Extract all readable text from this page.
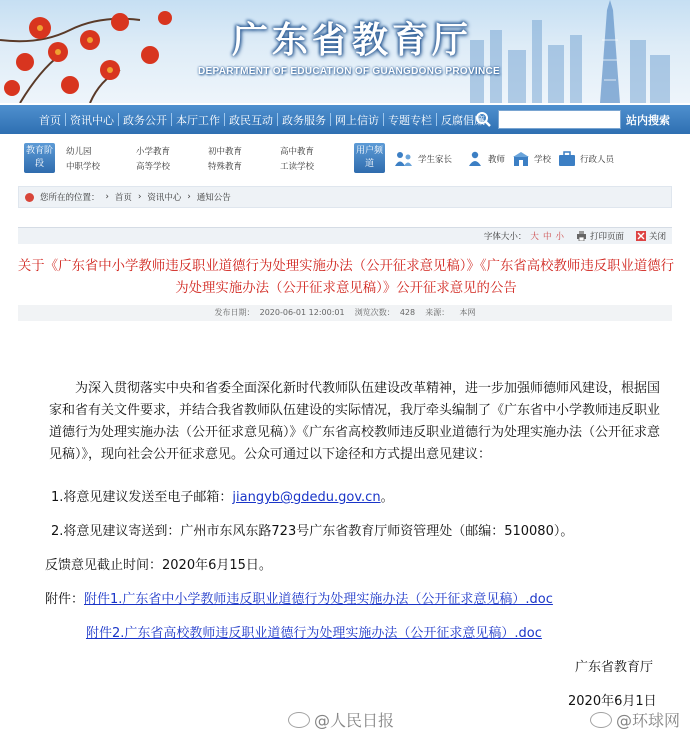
广东省教育厅
DEPARTMENT OF EDUCATION OF GUANGDONG PROVINCE
首页 资讯中心 政务公开 本厅工作 政民互动 政务服务 网上信访 专题专栏 反腐倡廉	站内搜索
教育阶段
幼儿园	小学教育	初中教育	高中教育
中职学校	高等学校	特殊教育	工读学校
用户频道	学生家长	教师	学校	行政人员
您所在的位置： › 首页 › 资讯中心 › 通知公告
字体大小： 大 中 小	打印页面	关闭
关于《广东省中小学教师违反职业道德行为处理实施办法（公开征求意见稿）》《广东省高校教师违反职业道德行为处理实施办法（公开征求意见稿）》公开征求意见的公告
发布日期：  2020-06-01 12:00:01    浏览次数：  428    来源：    本网

为深入贯彻落实中央和省委全面深化新时代教师队伍建设改革精神，进一步加强师德师风建设，根据国家和省有关文件要求，并结合我省教师队伍建设的实际情况，我厅牵头编制了《广东省中小学教师违反职业道德行为处理实施办法（公开征求意见稿）》《广东省高校教师违反职业道德行为处理实施办法（公开征求意见稿）》，现向社会公开征求意见。公众可通过以下途径和方式提出意见建议：

1.将意见建议发送至电子邮箱：jiangyb@gdedu.gov.cn。
2.将意见建议寄送到：广州市东风东路723号广东省教育厅师资管理处（邮编：510080）。
反馈意见截止时间：2020年6月15日。
附件：附件1.广东省中小学教师违反职业道德行为处理实施办法（公开征求意见稿）.doc
附件2.广东省高校教师违反职业道德行为处理实施办法（公开征求意见稿）.doc
广东省教育厅
2020年6月1日
@人民日报	@环球网
